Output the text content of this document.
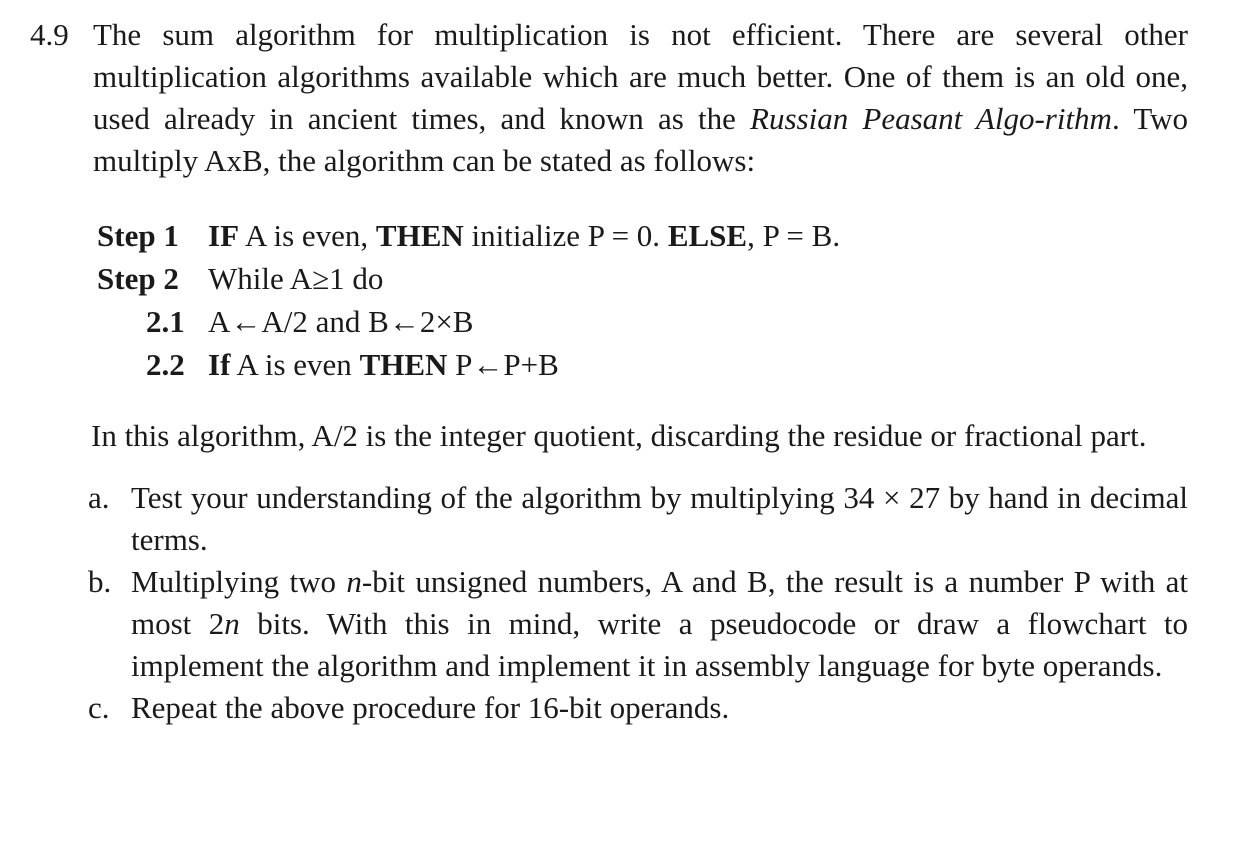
4.9 The sum algorithm for multiplication is not efficient. There are several other multiplication algorithms available which are much better. One of them is an old one, used already in ancient times, and known as the Russian Peasant Algo-rithm. Two multiply AxB, the algorithm can be stated as follows:
Step 1 IF A is even, THEN initialize P = 0. ELSE, P = B.
Step 2 While A≥1 do
2.1 A←A/2 and B←2×B
2.2 If A is even THEN P←P+B
In this algorithm, A/2 is the integer quotient, discarding the residue or fractional part.
a. Test your understanding of the algorithm by multiplying 34 × 27 by hand in decimal terms.
b. Multiplying two n-bit unsigned numbers, A and B, the result is a number P with at most 2n bits. With this in mind, write a pseudocode or draw a flowchart to implement the algorithm and implement it in assembly language for byte operands.
c. Repeat the above procedure for 16-bit operands.
